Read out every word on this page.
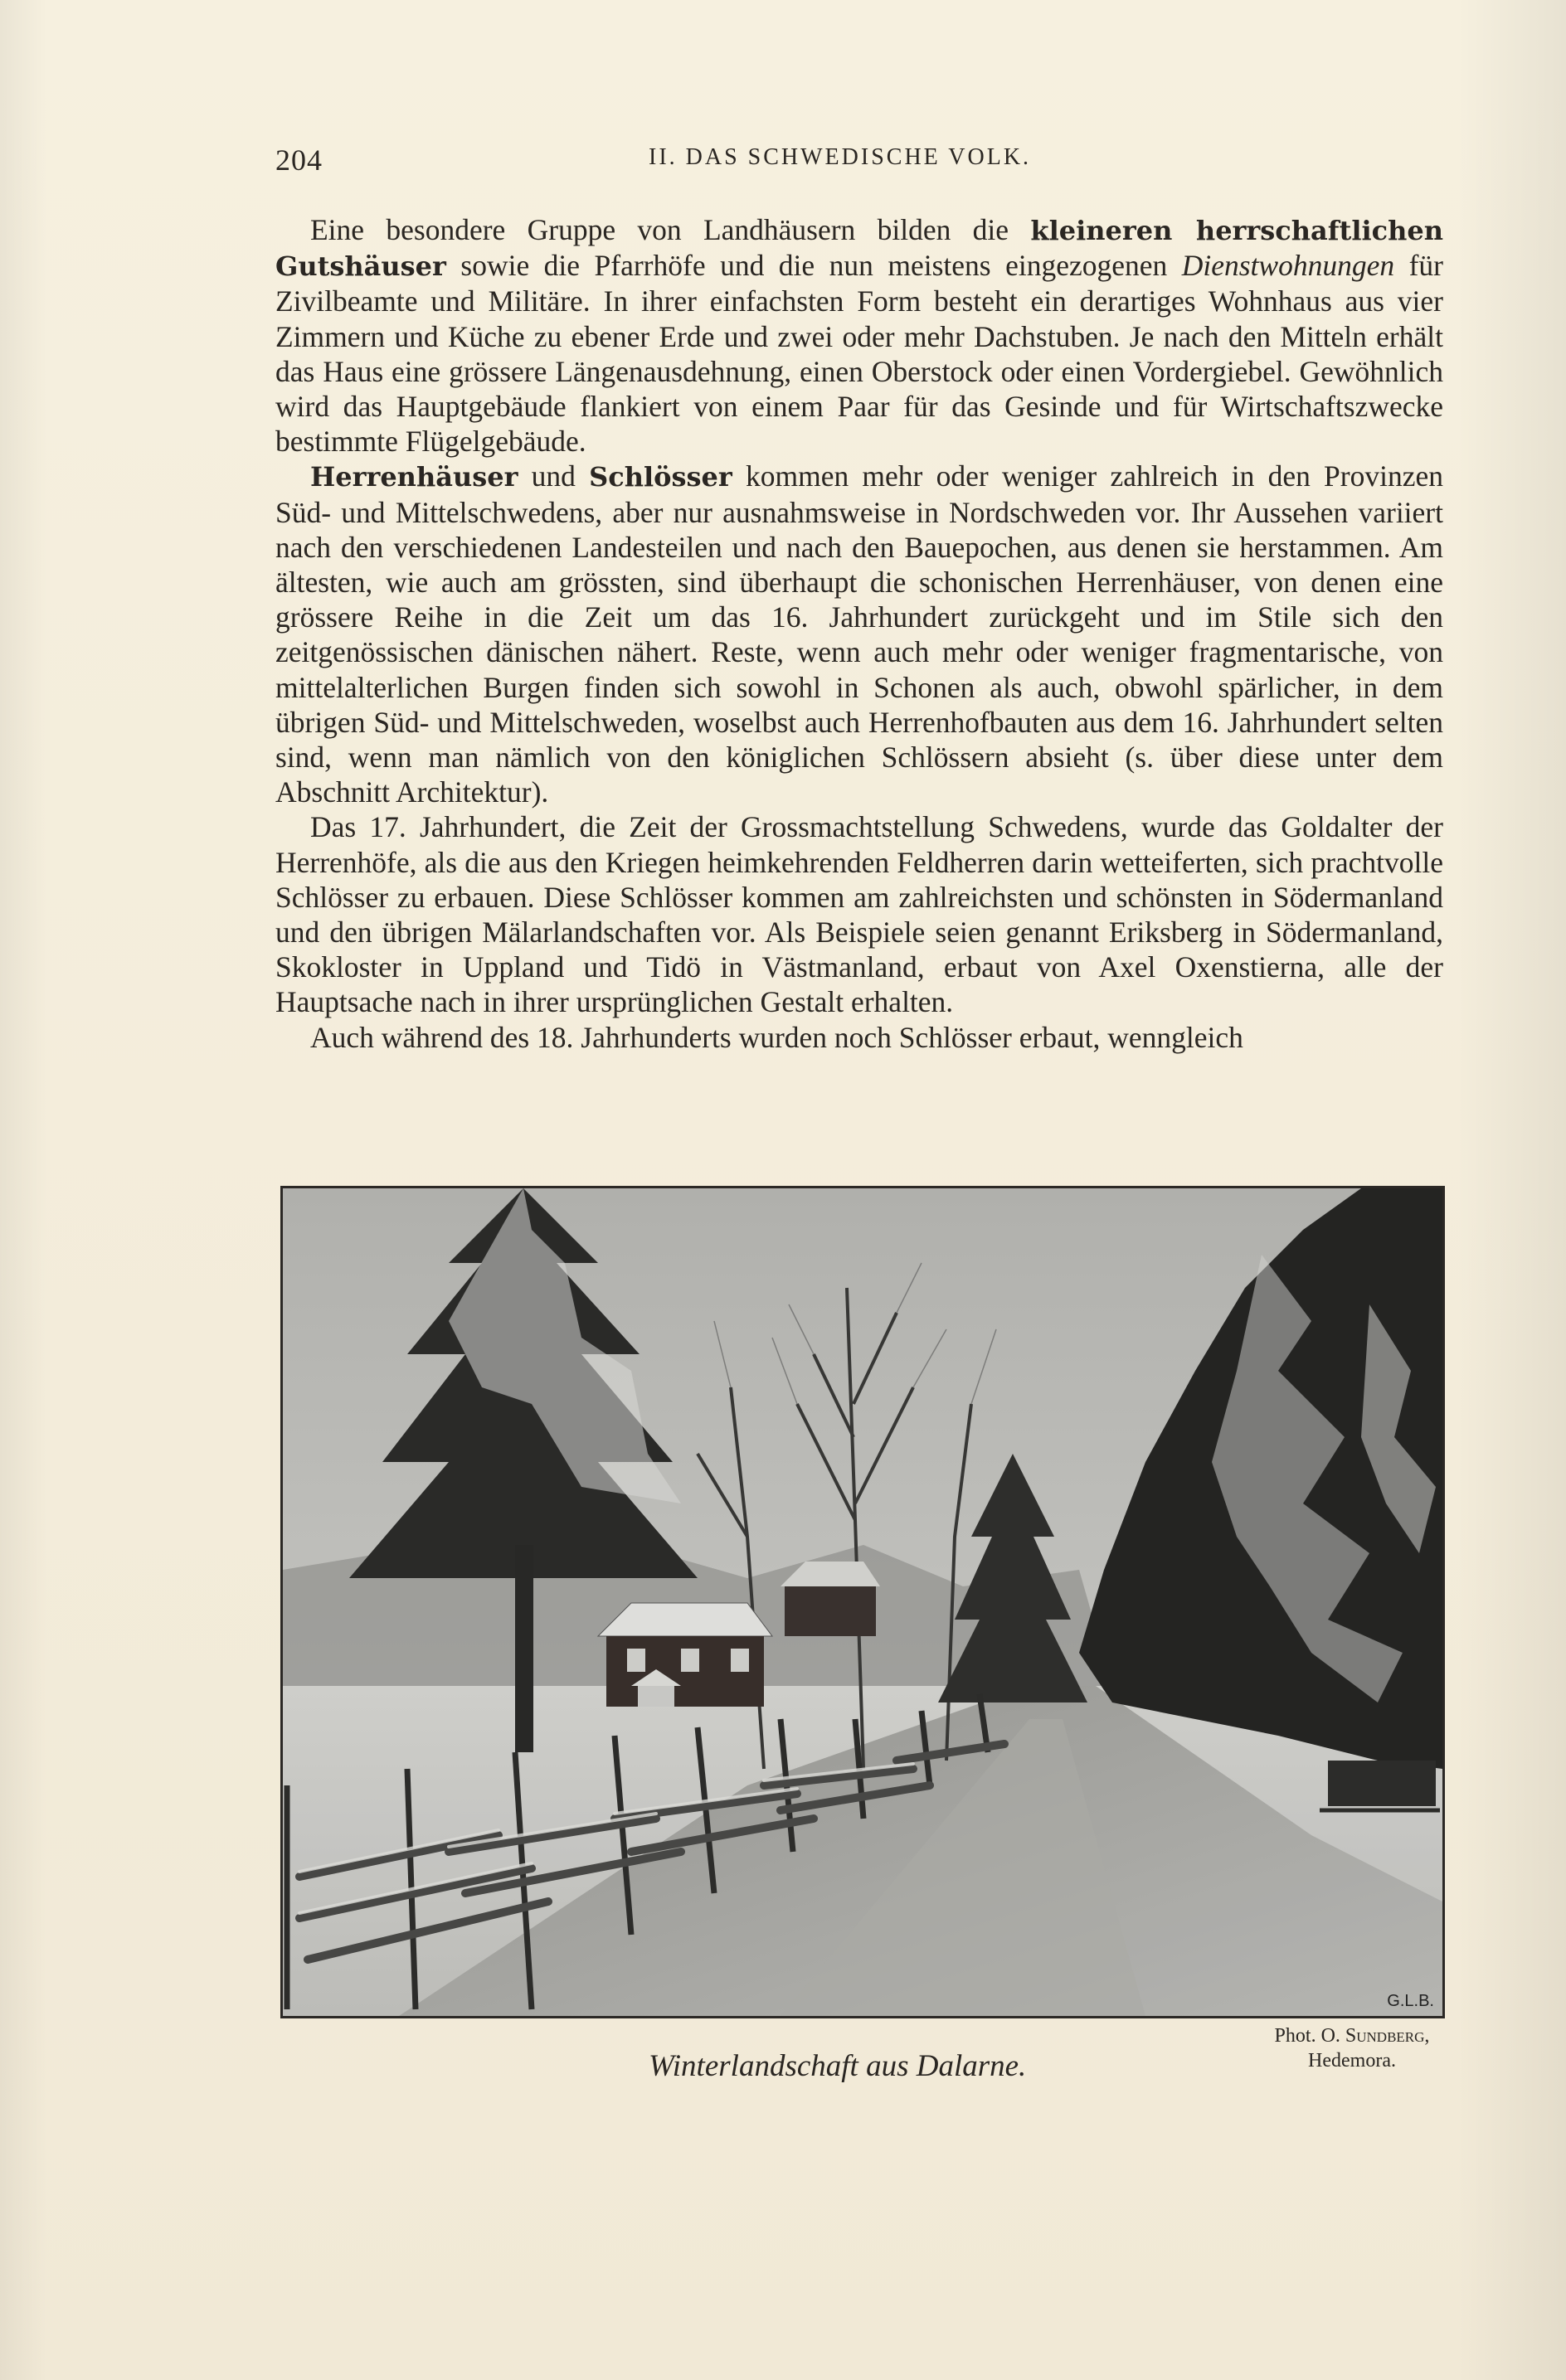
204	II. DAS SCHWEDISCHE VOLK.

Eine besondere Gruppe von Landhäusern bilden die kleineren herrschaftlichen Gutshäuser sowie die Pfarrhöfe und die nun meistens eingezogenen Dienstwohnungen für Zivilbeamte und Militäre. In ihrer einfachsten Form besteht ein derartiges Wohnhaus aus vier Zimmern und Küche zu ebener Erde und zwei oder mehr Dachstuben. Je nach den Mitteln erhält das Haus eine grössere Längenausdehnung, einen Oberstock oder einen Vordergiebel. Gewöhnlich wird das Hauptgebäude flankiert von einem Paar für das Gesinde und für Wirtschaftszwecke bestimmte Flügelgebäude.

Herrenhäuser und Schlösser kommen mehr oder weniger zahlreich in den Provinzen Süd- und Mittelschwedens, aber nur ausnahmsweise in Nordschweden vor. Ihr Aussehen variiert nach den verschiedenen Landesteilen und nach den Bauepochen, aus denen sie herstammen. Am ältesten, wie auch am grössten, sind überhaupt die schonischen Herrenhäuser, von denen eine grössere Reihe in die Zeit um das 16. Jahrhundert zurückgeht und im Stile sich den zeitgenössischen dänischen nähert. Reste, wenn auch mehr oder weniger fragmentarische, von mittelalterlichen Burgen finden sich sowohl in Schonen als auch, obwohl spärlicher, in dem übrigen Süd- und Mittelschweden, woselbst auch Herrenhofbauten aus dem 16. Jahrhundert selten sind, wenn man nämlich von den königlichen Schlössern absieht (s. über diese unter dem Abschnitt Architektur).

Das 17. Jahrhundert, die Zeit der Grossmachtstellung Schwedens, wurde das Goldalter der Herrenhöfe, als die aus den Kriegen heimkehrenden Feldherren darin wetteiferten, sich prachtvolle Schlösser zu erbauen. Diese Schlösser kommen am zahlreichsten und schönsten in Södermanland und den übrigen Mälarlandschaften vor. Als Beispiele seien genannt Eriksberg in Södermanland, Skokloster in Uppland und Tidö in Västmanland, erbaut von Axel Oxenstierna, alle der Hauptsache nach in ihrer ursprünglichen Gestalt erhalten.

Auch während des 18. Jahrhunderts wurden noch Schlösser erbaut, wenngleich

G.L.B.
Phot. O. Sundberg,
Hedemora.
Winterlandschaft aus Dalarne.
